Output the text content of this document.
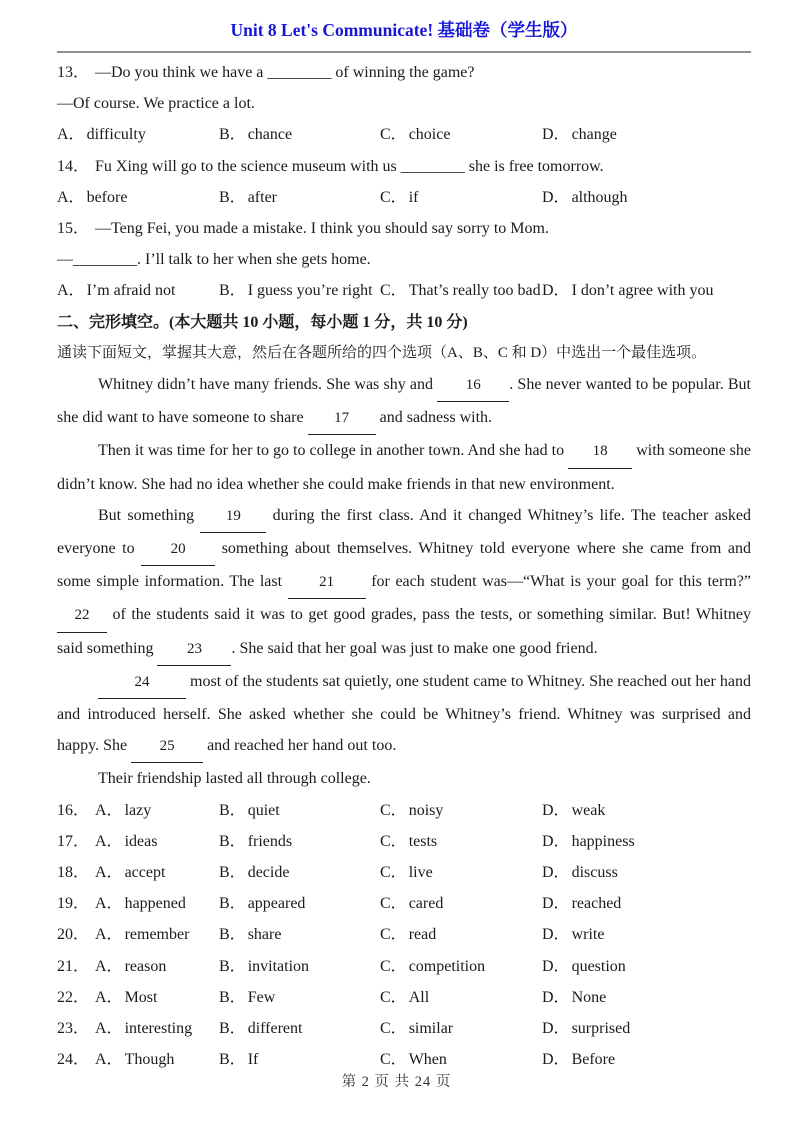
Unit 8 Let's Communicate! 基础卷（学生版）
13． —Do you think we have a ________ of winning the game?
—Of course. We practice a lot.
A． difficulty	B． chance	C． choice	D． change
14． Fu Xing will go to the science museum with us ________ she is free tomorrow.
A． before	B． after	C． if	D． although
15． —Teng Fei, you made a mistake. I think you should say sorry to Mom.
—________. I’ll talk to her when she gets home.
A． I’m afraid not	B． I guess you’re right C． That’s really too bad D． I don’t agree with you
二、完形填空。(本大题共 10 小题，每小题 1 分，共 10 分)
通读下面短文，掌握其大意，然后在各题所给的四个选项（A、B、C 和 D）中选出一个最佳选项。

Whitney didn’t have many friends. She was shy and 16 . She never wanted to be popular. But she did want to have someone to share 17 and sadness with.

Then it was time for her to go to college in another town. And she had to 18 with someone she didn’t know. She had no idea whether she could make friends in that new environment.

But something 19 during the first class. And it changed Whitney’s life. The teacher asked everyone to 20 something about themselves. Whitney told everyone where she came from and some simple information. The last 21 for each student was—“What is your goal for this term?” 22 of the students said it was to get good grades, pass the tests, or something similar. But! Whitney said something 23 . She said that her goal was just to make one good friend.

24 most of the students sat quietly, one student came to Whitney. She reached out her hand and introduced herself. She asked whether she could be Whitney’s friend. Whitney was surprised and happy. She 25 and reached her hand out too.

Their friendship lasted all through college.

16． A． lazy	B． quiet	C． noisy	D． weak
17． A． ideas	B． friends	C． tests	D． happiness
18． A． accept	B． decide	C． live	D． discuss
19． A． happened	B． appeared	C． cared	D． reached
20． A． remember	B． share	C． read	D． write
21． A． reason	B． invitation	C． competition	D． question
22． A． Most	B． Few	C． All	D． None
23． A． interesting	B． different	C． similar	D． surprised
24． A． Though	B． If	C． When	D． Before
第 2 页 共 24 页
